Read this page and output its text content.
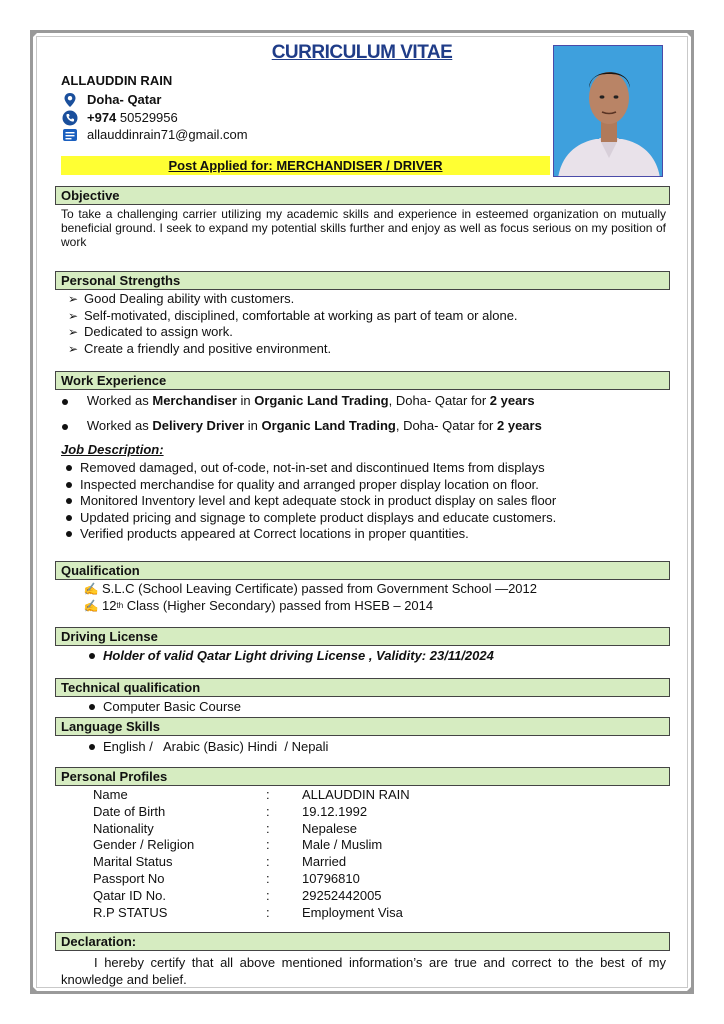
CURRICULUM VITAE
ALLAUDDIN RAIN
Doha- Qatar
+974 50529956
allauddinrain71@gmail.com
Post Applied for: MERCHANDISER / DRIVER
Objective
To take a challenging carrier utilizing my academic skills and experience in esteemed organization on mutually beneficial ground. I seek to expand my potential skills further and enjoy as well as focus serious on my position of work
Personal Strengths
➢ Good Dealing ability with customers.
➢ Self-motivated, disciplined, comfortable at working as part of team or alone.
➢ Dedicated to assign work.
➢ Create a friendly and positive environment.
Work Experience

Worked as Merchandiser in Organic Land Trading , Doha- Qatar for 2 years

Worked as Delivery Driver in Organic Land Trading , Doha- Qatar for 2 years
Job Description:
Removed damaged, out of-code, not-in-set and discontinued Items from displays
Inspected merchandise for quality and arranged proper display location on floor.
Monitored Inventory level and kept adequate stock in product display on sales floor
Updated pricing and signage to complete product displays and educate customers.
Verified products appeared at Correct locations in proper quantities.
Qualification
✍ S.L.C (School Leaving Certificate) passed from Government School —2012
✍ 12 th Class (Higher Secondary) passed from HSEB – 2014
Driving License
Holder of valid Qatar Light driving License , Validity: 23/11/2024
Technical qualification
Computer Basic Course
Language Skills
English /   Arabic (Basic) Hindi  / Nepali
Personal Profiles
Name	:	ALLAUDDIN RAIN
Date of Birth	:	19.12.1992
Nationality	:	Nepalese
Gender / Religion	:	Male / Muslim
Marital Status	:	Married
Passport No	:	10796810
Qatar ID No.	:	29252442005
R.P STATUS	:	Employment Visa
Declaration:
I hereby certify that all above mentioned information’s are true and correct to the best of my knowledge and belief.
